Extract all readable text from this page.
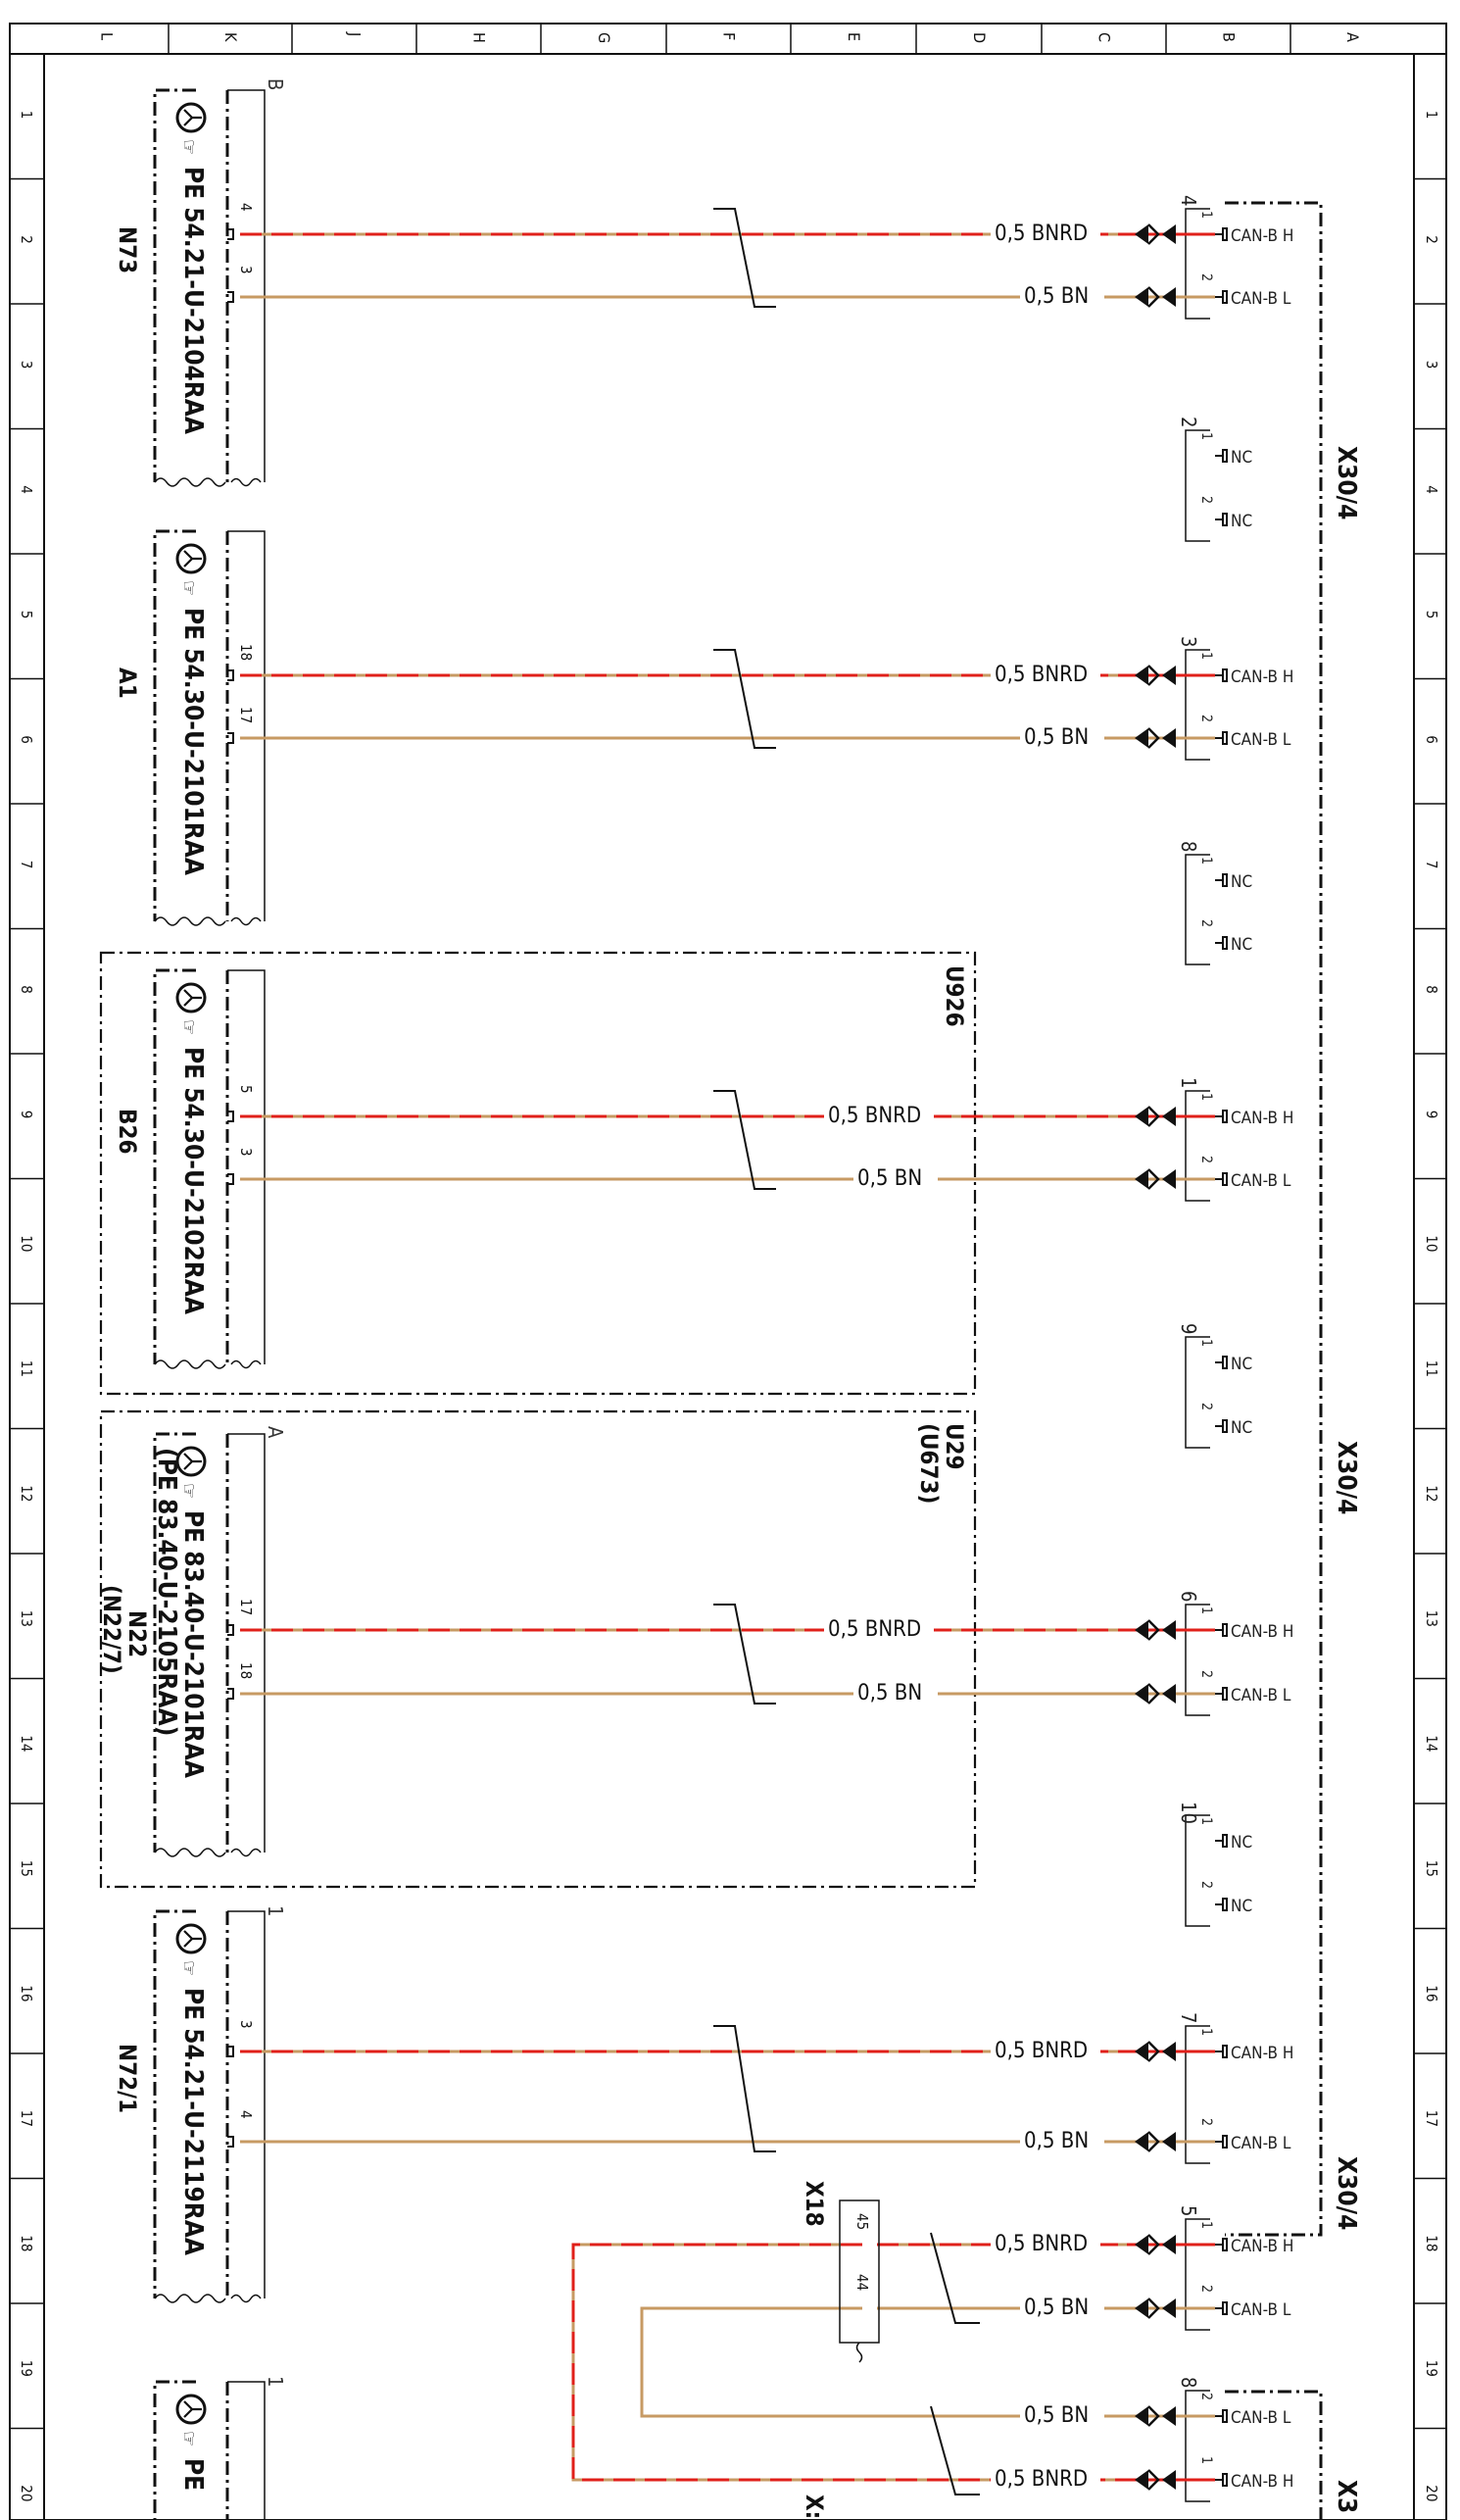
L	K	J	H	G	F	E	D	C	B	A
1	1
2	2
3	3
4	4
5	5
6	6
7	7
8	8
9	9
10	10
11	11
12	12
13	13
14	14
15	15
16	16
17	17
18	18
19	19
20	20
U926
U29
(U673)
B
☞
PE 54.21-U-2104RAA
N73
4
3
☞
PE 54.30-U-2101RAA
A1
18
17
☞
PE 54.30-U-2102RAA
B26
5
3
A
☞
PE 83.40-U-2101RAA
(PE 83.40-U-2105RAA)
N22
(N22/7)	17
18
1
☞
PE 54.21-U-2119RAA
N72/1
3
4
1
☞
PE
0,5 BNRD
0,5 BN
0,5 BNRD
0,5 BN
0,5 BNRD
0,5 BN
0,5 BNRD
0,5 BN
0,5 BNRD
0,5 BN
0,5 BNRD
0,5 BN
0,5 BN
0,5 BNRD
4
1
CAN-B H
2
CAN-B L
2
1
NC
2
NC
3
1
CAN-B H
2
CAN-B L
8
1
NC
2
NC
1
1
CAN-B H
2
CAN-B L
9
1
NC
2
NC
6
1
CAN-B H
2
CAN-B L
10
1
NC
2
NC
7
1
CAN-B H
2
CAN-B L
5
1
CAN-B H
2
CAN-B L
8
2
CAN-B L
1
CAN-B H
X30/4
X30/4
X30/4
X3
X18 45
44
X:
